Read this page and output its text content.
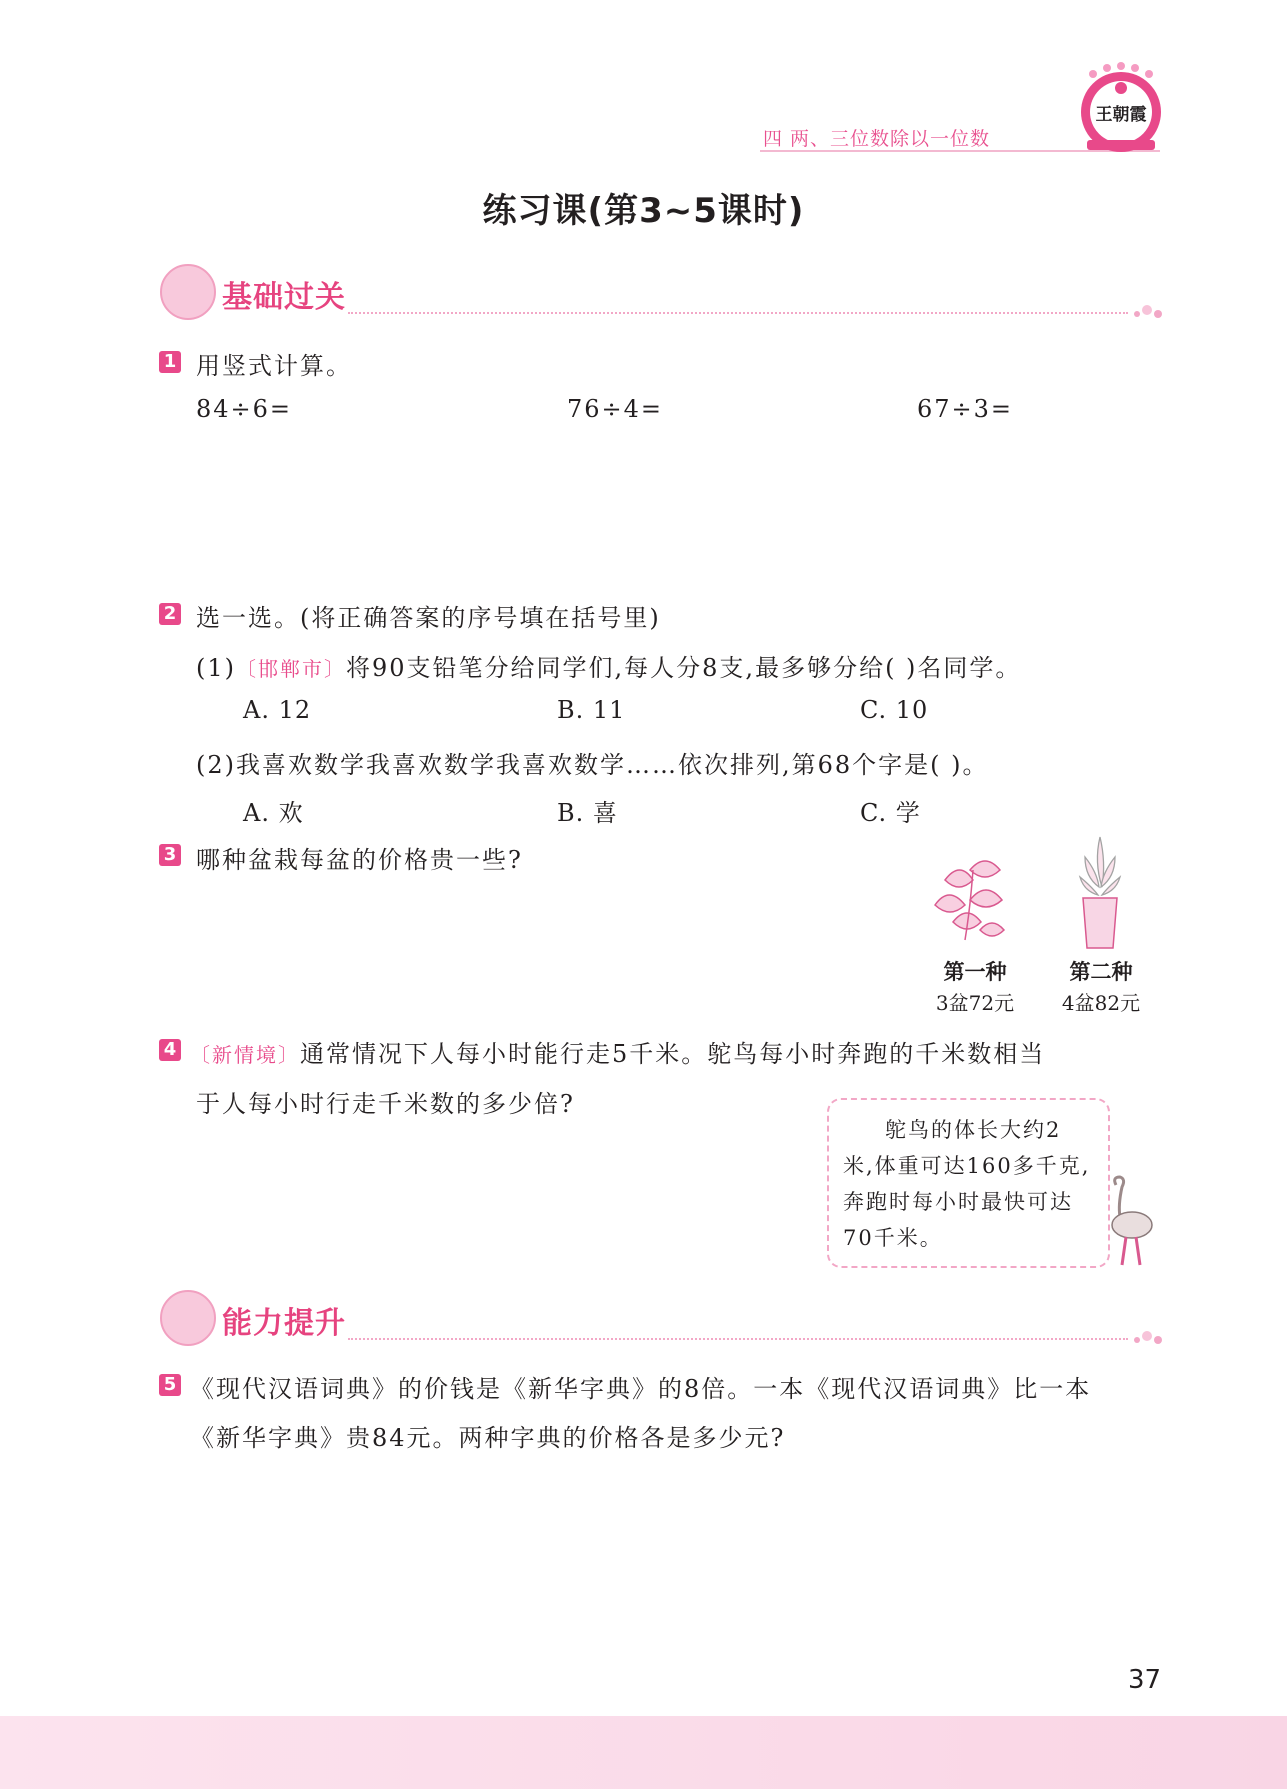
四 两、三位数除以一位数
王朝霞
练习课(第3~5课时)
基础过关
1 用竖式计算。
84÷6=	76÷4=	67÷3=
2 选一选。(将正确答案的序号填在括号里)
(1)〔邯郸市〕将90支铅笔分给同学们,每人分8支,最多够分给( )名同学。
A. 12	B. 11	C. 10
(2)我喜欢数学我喜欢数学我喜欢数学……依次排列,第68个字是( )。
A. 欢	B. 喜	C. 学
3 哪种盆栽每盆的价格贵一些?
第一种
3盆72元
第二种
4盆82元
4 〔新情境〕通常情况下人每小时能行走5千米。鸵鸟每小时奔跑的千米数相当
于人每小时行走千米数的多少倍?
鸵鸟的体长大约2米,体重可达160多千克,奔跑时每小时最快可达70千米。
能力提升
5 《现代汉语词典》的价钱是《新华字典》的8倍。一本《现代汉语词典》比一本
《新华字典》贵84元。两种字典的价格各是多少元?
37
